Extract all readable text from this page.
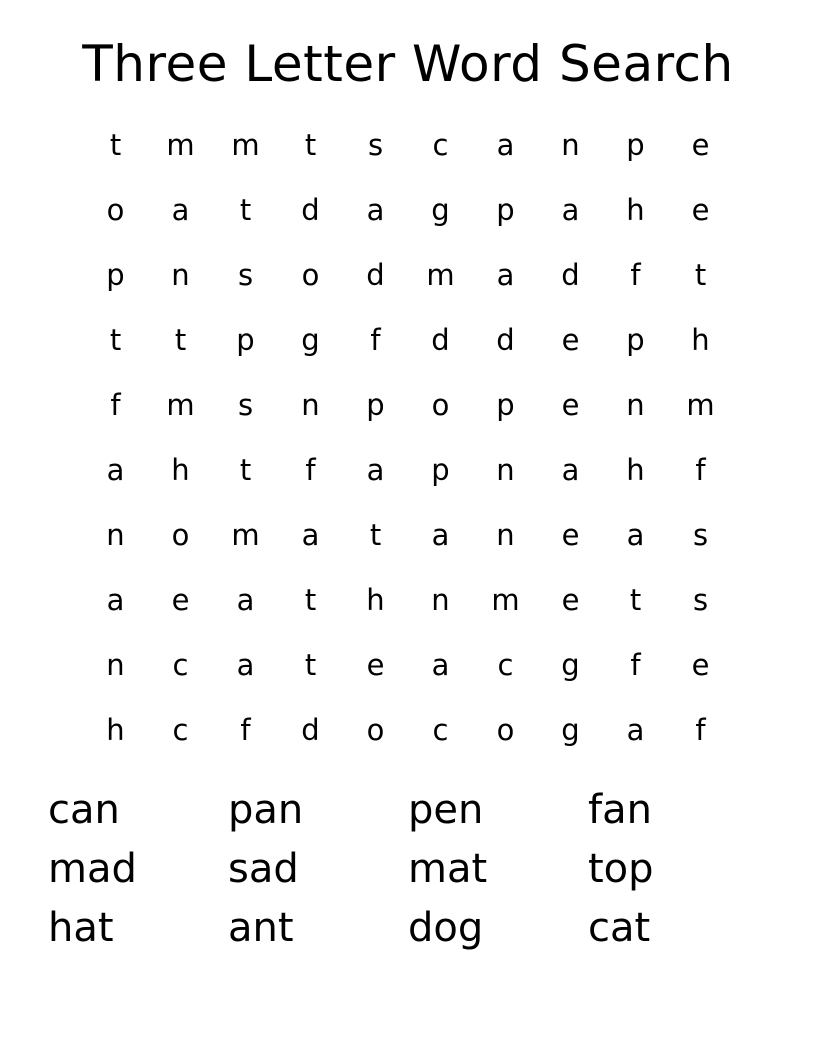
Three Letter Word Search
t	m	m	t	s	c	a	n	p	e
o	a	t	d	a	g	p	a	h	e
p	n	s	o	d	m	a	d	f	t
t	t	p	g	f	d	d	e	p	h
f	m	s	n	p	o	p	e	n	m
a	h	t	f	a	p	n	a	h	f
n	o	m	a	t	a	n	e	a	s
a	e	a	t	h	n	m	e	t	s
n	c	a	t	e	a	c	g	f	e
h	c	f	d	o	c	o	g	a	f
can	pan	pen	fan
mad	sad	mat	top
hat	ant	dog	cat
